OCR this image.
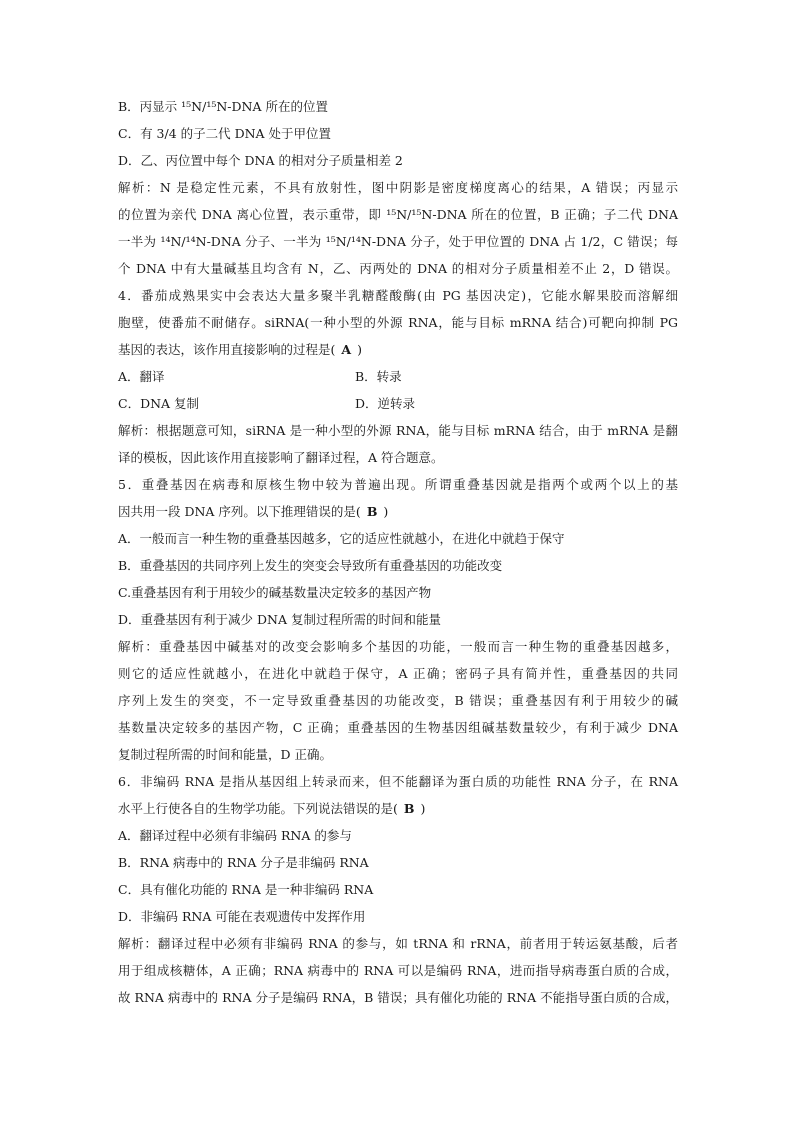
B．丙显示 ¹⁵N/¹⁵N-DNA 所在的位置
C．有 3/4 的子二代 DNA 处于甲位置
D．乙、丙位置中每个 DNA 的相对分子质量相差 2
解析：N 是稳定性元素，不具有放射性，图中阴影是密度梯度离心的结果，A 错误；丙显示
的位置为亲代 DNA 离心位置，表示重带，即 ¹⁵N/¹⁵N-DNA 所在的位置，B 正确；子二代 DNA
一半为 ¹⁴N/¹⁴N-DNA 分子、一半为 ¹⁵N/¹⁴N-DNA 分子，处于甲位置的 DNA 占 1/2，C 错误；每
个 DNA 中有大量碱基且均含有 N，乙、丙两处的 DNA 的相对分子质量相差不止 2，D 错误。
4．番茄成熟果实中会表达大量多聚半乳糖醛酸酶(由 PG 基因决定)，它能水解果胶而溶解细
胞壁，使番茄不耐储存。siRNA(一种小型的外源 RNA，能与目标 mRNA 结合)可靶向抑制 PG
基因的表达，该作用直接影响的过程是( A )
A．翻译	B．转录
C．DNA 复制	D．逆转录
解析：根据题意可知，siRNA 是一种小型的外源 RNA，能与目标 mRNA 结合，由于 mRNA 是翻
译的模板，因此该作用直接影响了翻译过程，A 符合题意。
5．重叠基因在病毒和原核生物中较为普遍出现。所谓重叠基因就是指两个或两个以上的基
因共用一段 DNA 序列。以下推理错误的是( B )
A．一般而言一种生物的重叠基因越多，它的适应性就越小，在进化中就趋于保守
B．重叠基因的共同序列上发生的突变会导致所有重叠基因的功能改变
C.重叠基因有利于用较少的碱基数量决定较多的基因产物
D．重叠基因有利于减少 DNA 复制过程所需的时间和能量
解析：重叠基因中碱基对的改变会影响多个基因的功能，一般而言一种生物的重叠基因越多，
则它的适应性就越小，在进化中就趋于保守，A 正确；密码子具有简并性，重叠基因的共同
序列上发生的突变，不一定导致重叠基因的功能改变，B 错误；重叠基因有利于用较少的碱
基数量决定较多的基因产物，C 正确；重叠基因的生物基因组碱基数量较少，有利于减少 DNA
复制过程所需的时间和能量，D 正确。
6．非编码 RNA 是指从基因组上转录而来，但不能翻译为蛋白质的功能性 RNA 分子，在 RNA
水平上行使各自的生物学功能。下列说法错误的是( B )
A．翻译过程中必须有非编码 RNA 的参与
B．RNA 病毒中的 RNA 分子是非编码 RNA
C．具有催化功能的 RNA 是一种非编码 RNA
D．非编码 RNA 可能在表观遗传中发挥作用
解析：翻译过程中必须有非编码 RNA 的参与，如 tRNA 和 rRNA，前者用于转运氨基酸，后者
用于组成核糖体，A 正确；RNA 病毒中的 RNA 可以是编码 RNA，进而指导病毒蛋白质的合成，
故 RNA 病毒中的 RNA 分子是编码 RNA，B 错误；具有催化功能的 RNA 不能指导蛋白质的合成，
